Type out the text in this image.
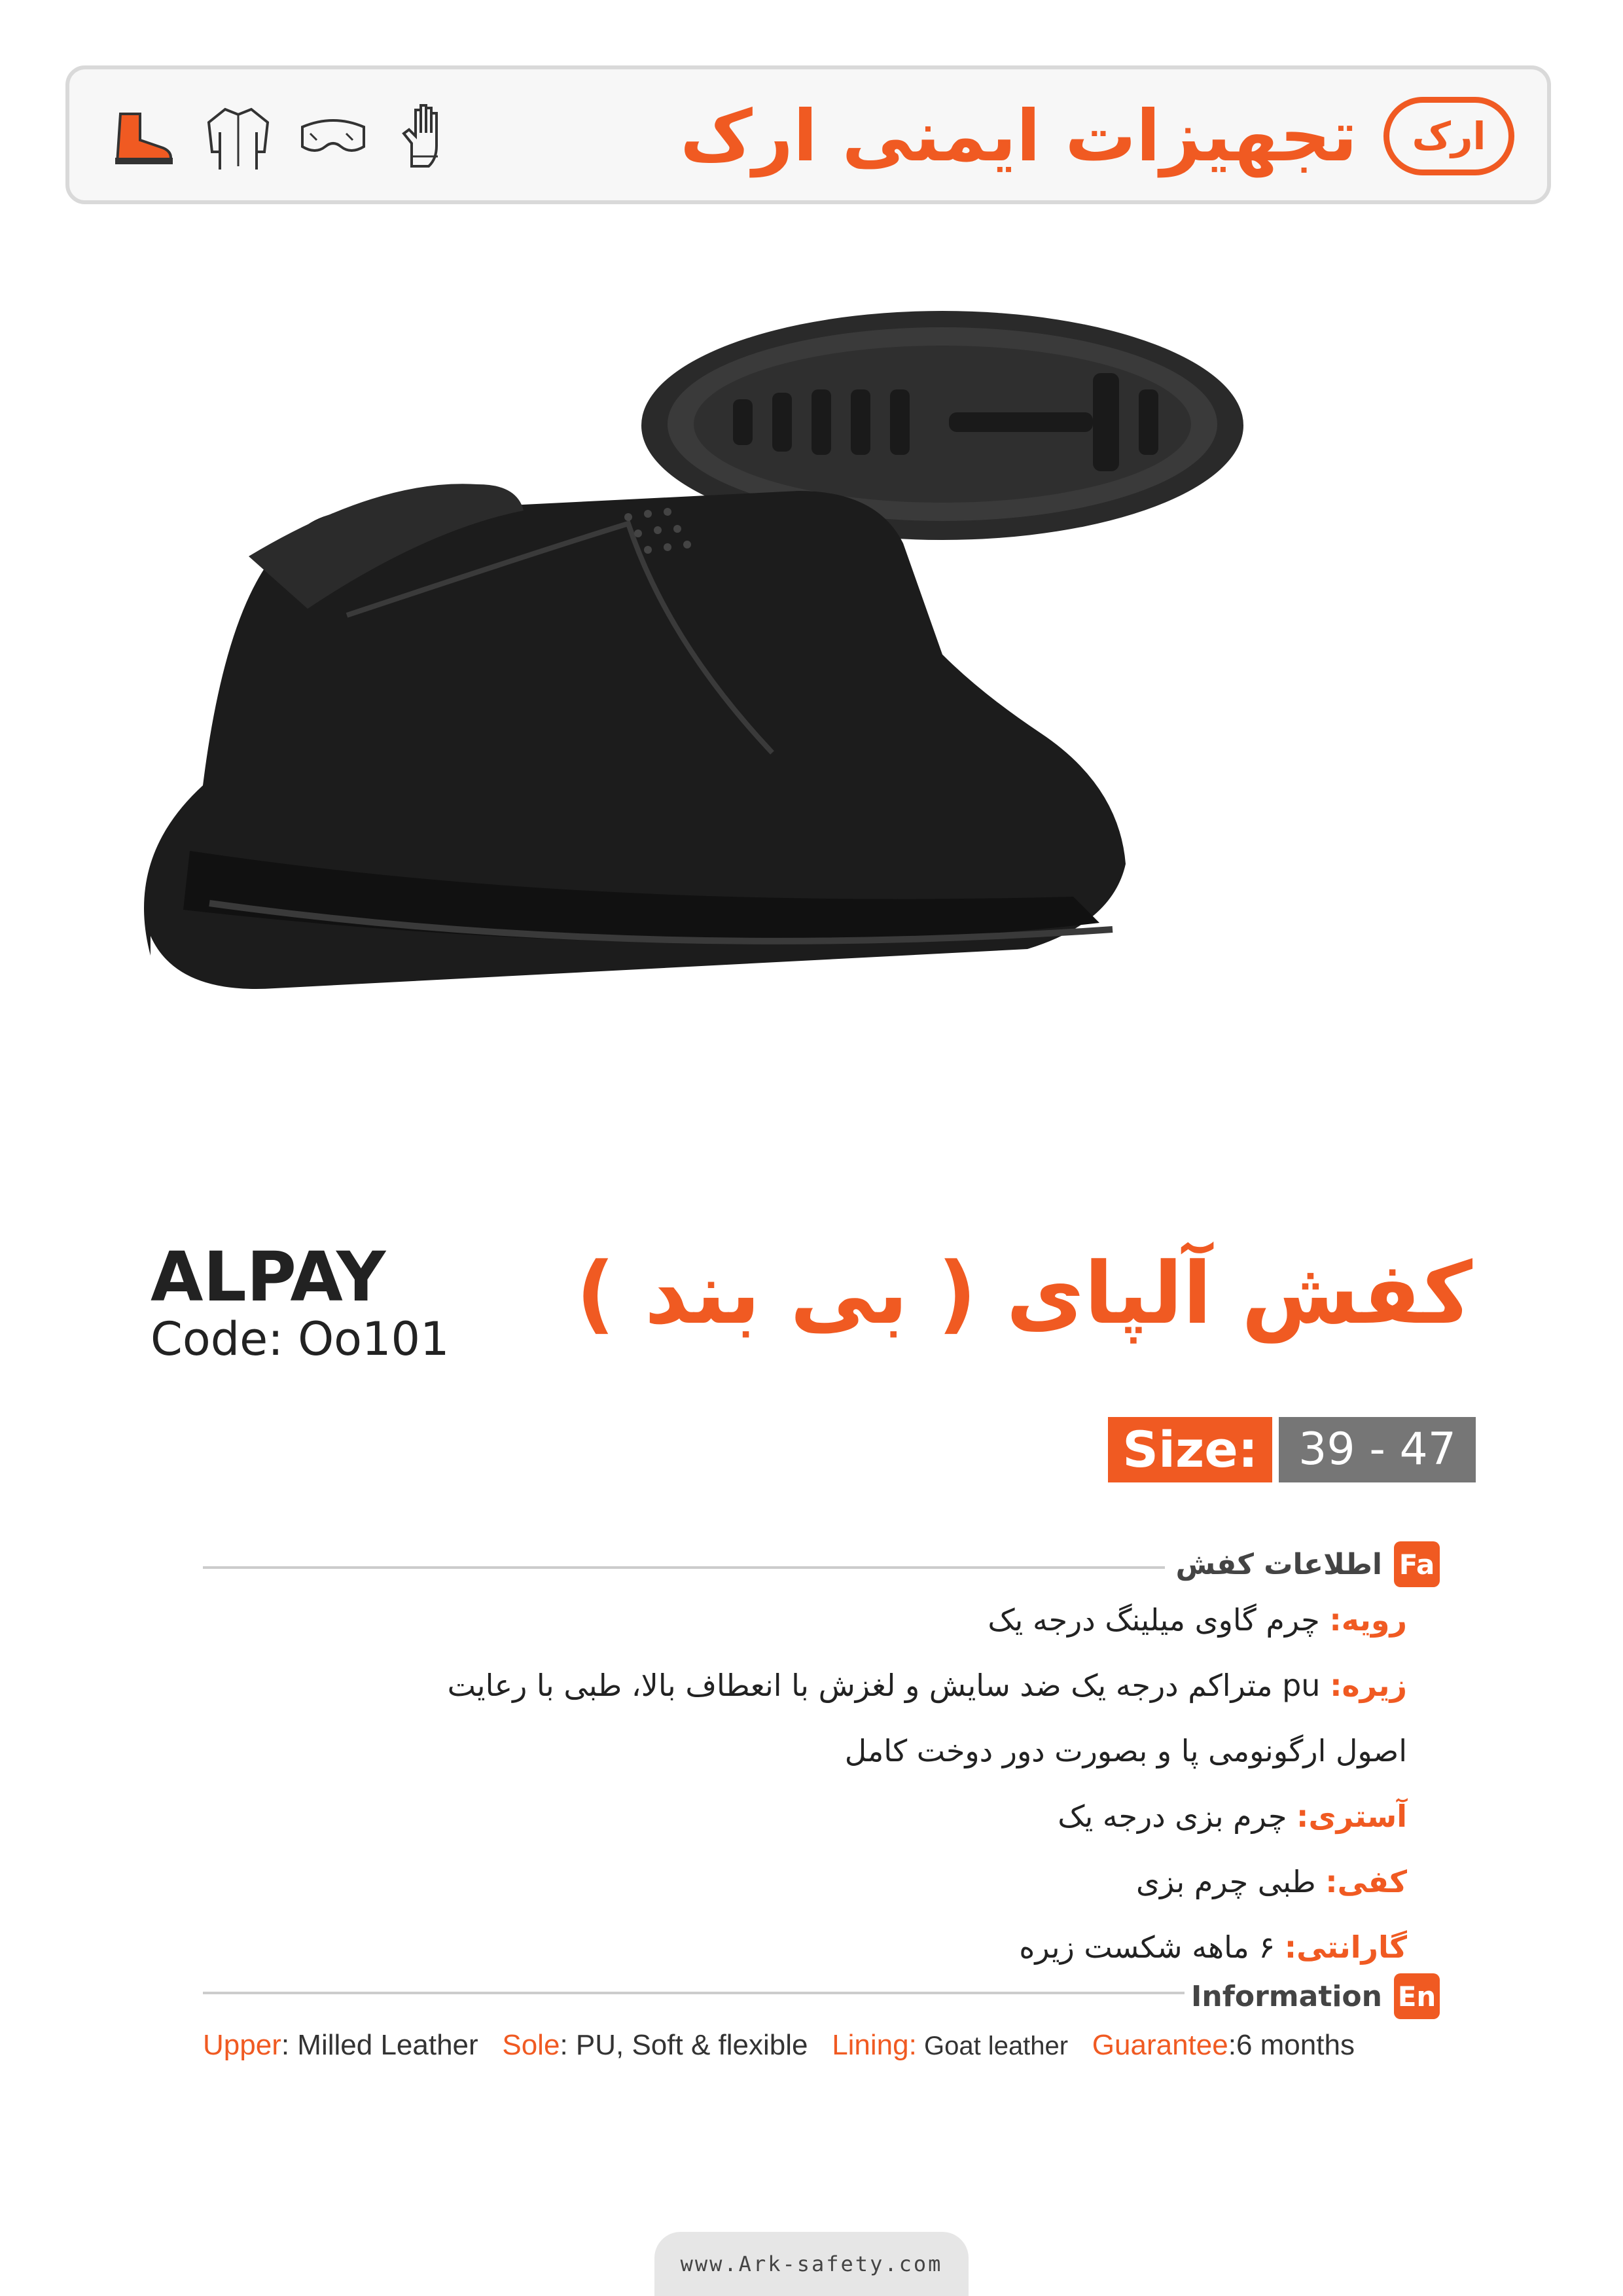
ارک
تجهیزات ایمنی ارک
ALPAY
Code: Oo101 کفش آلپای ( بی بند )
Size: 39 - 47
Fa
اطلاعات کفش
رویه: چرم گاوی میلینگ درجه یک
زیره: pu متراکم درجه یک ضد سایش و لغزش با انعطاف بالا، طبی با رعایت
اصول ارگونومی پا و بصورت دور دوخت کامل
آستری: چرم بزی درجه یک
کفی: طبی چرم بزی
گارانتی: ۶ ماهه شکست زیره
En
Information
Upper: Milled Leather Sole: PU, Soft & flexible Lining: Goat leather Guarantee:6 months
www.Ark-safety.com
